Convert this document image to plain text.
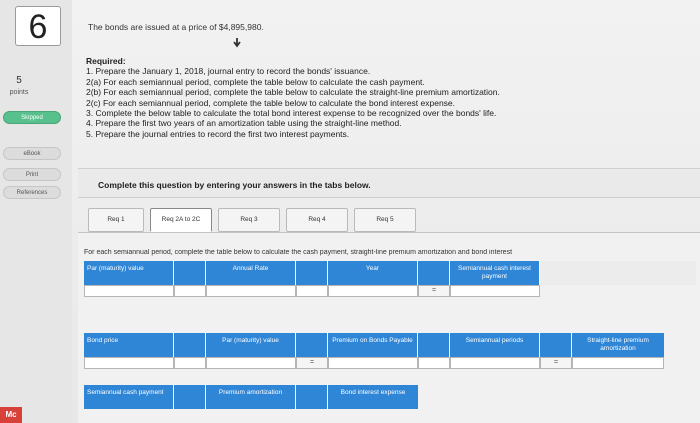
6
5
points
Skipped
eBook
Print
References
Mc
The bonds are issued at a price of $4,895,980.
Required:
1. Prepare the January 1, 2018, journal entry to record the bonds' issuance.
2(a) For each semiannual period, complete the table below to calculate the cash payment.
2(b) For each semiannual period, complete the table below to calculate the straight-line premium amortization.
2(c) For each semiannual period, complete the table below to calculate the bond interest expense.
3. Complete the below table to calculate the total bond interest expense to be recognized over the bonds' life.
4. Prepare the first two years of an amortization table using the straight-line method.
5. Prepare the journal entries to record the first two interest payments.
Complete this question by entering your answers in the tabs below.
Req 1	Req 2A to 2C	Req 3	Req 4	Req 5
For each semiannual period, complete the table below to calculate the cash payment, straight-line premium amortization and bond interest
Par (maturity) value	Annual Rate	Year	Semiannual cash interest payment
=
Bond price	Par (maturity) value	Premium on Bonds Payable	Semiannual periods	Straight-line premium amortization
=	=
Semiannual cash payment	Premium amortization	Bond interest expense
